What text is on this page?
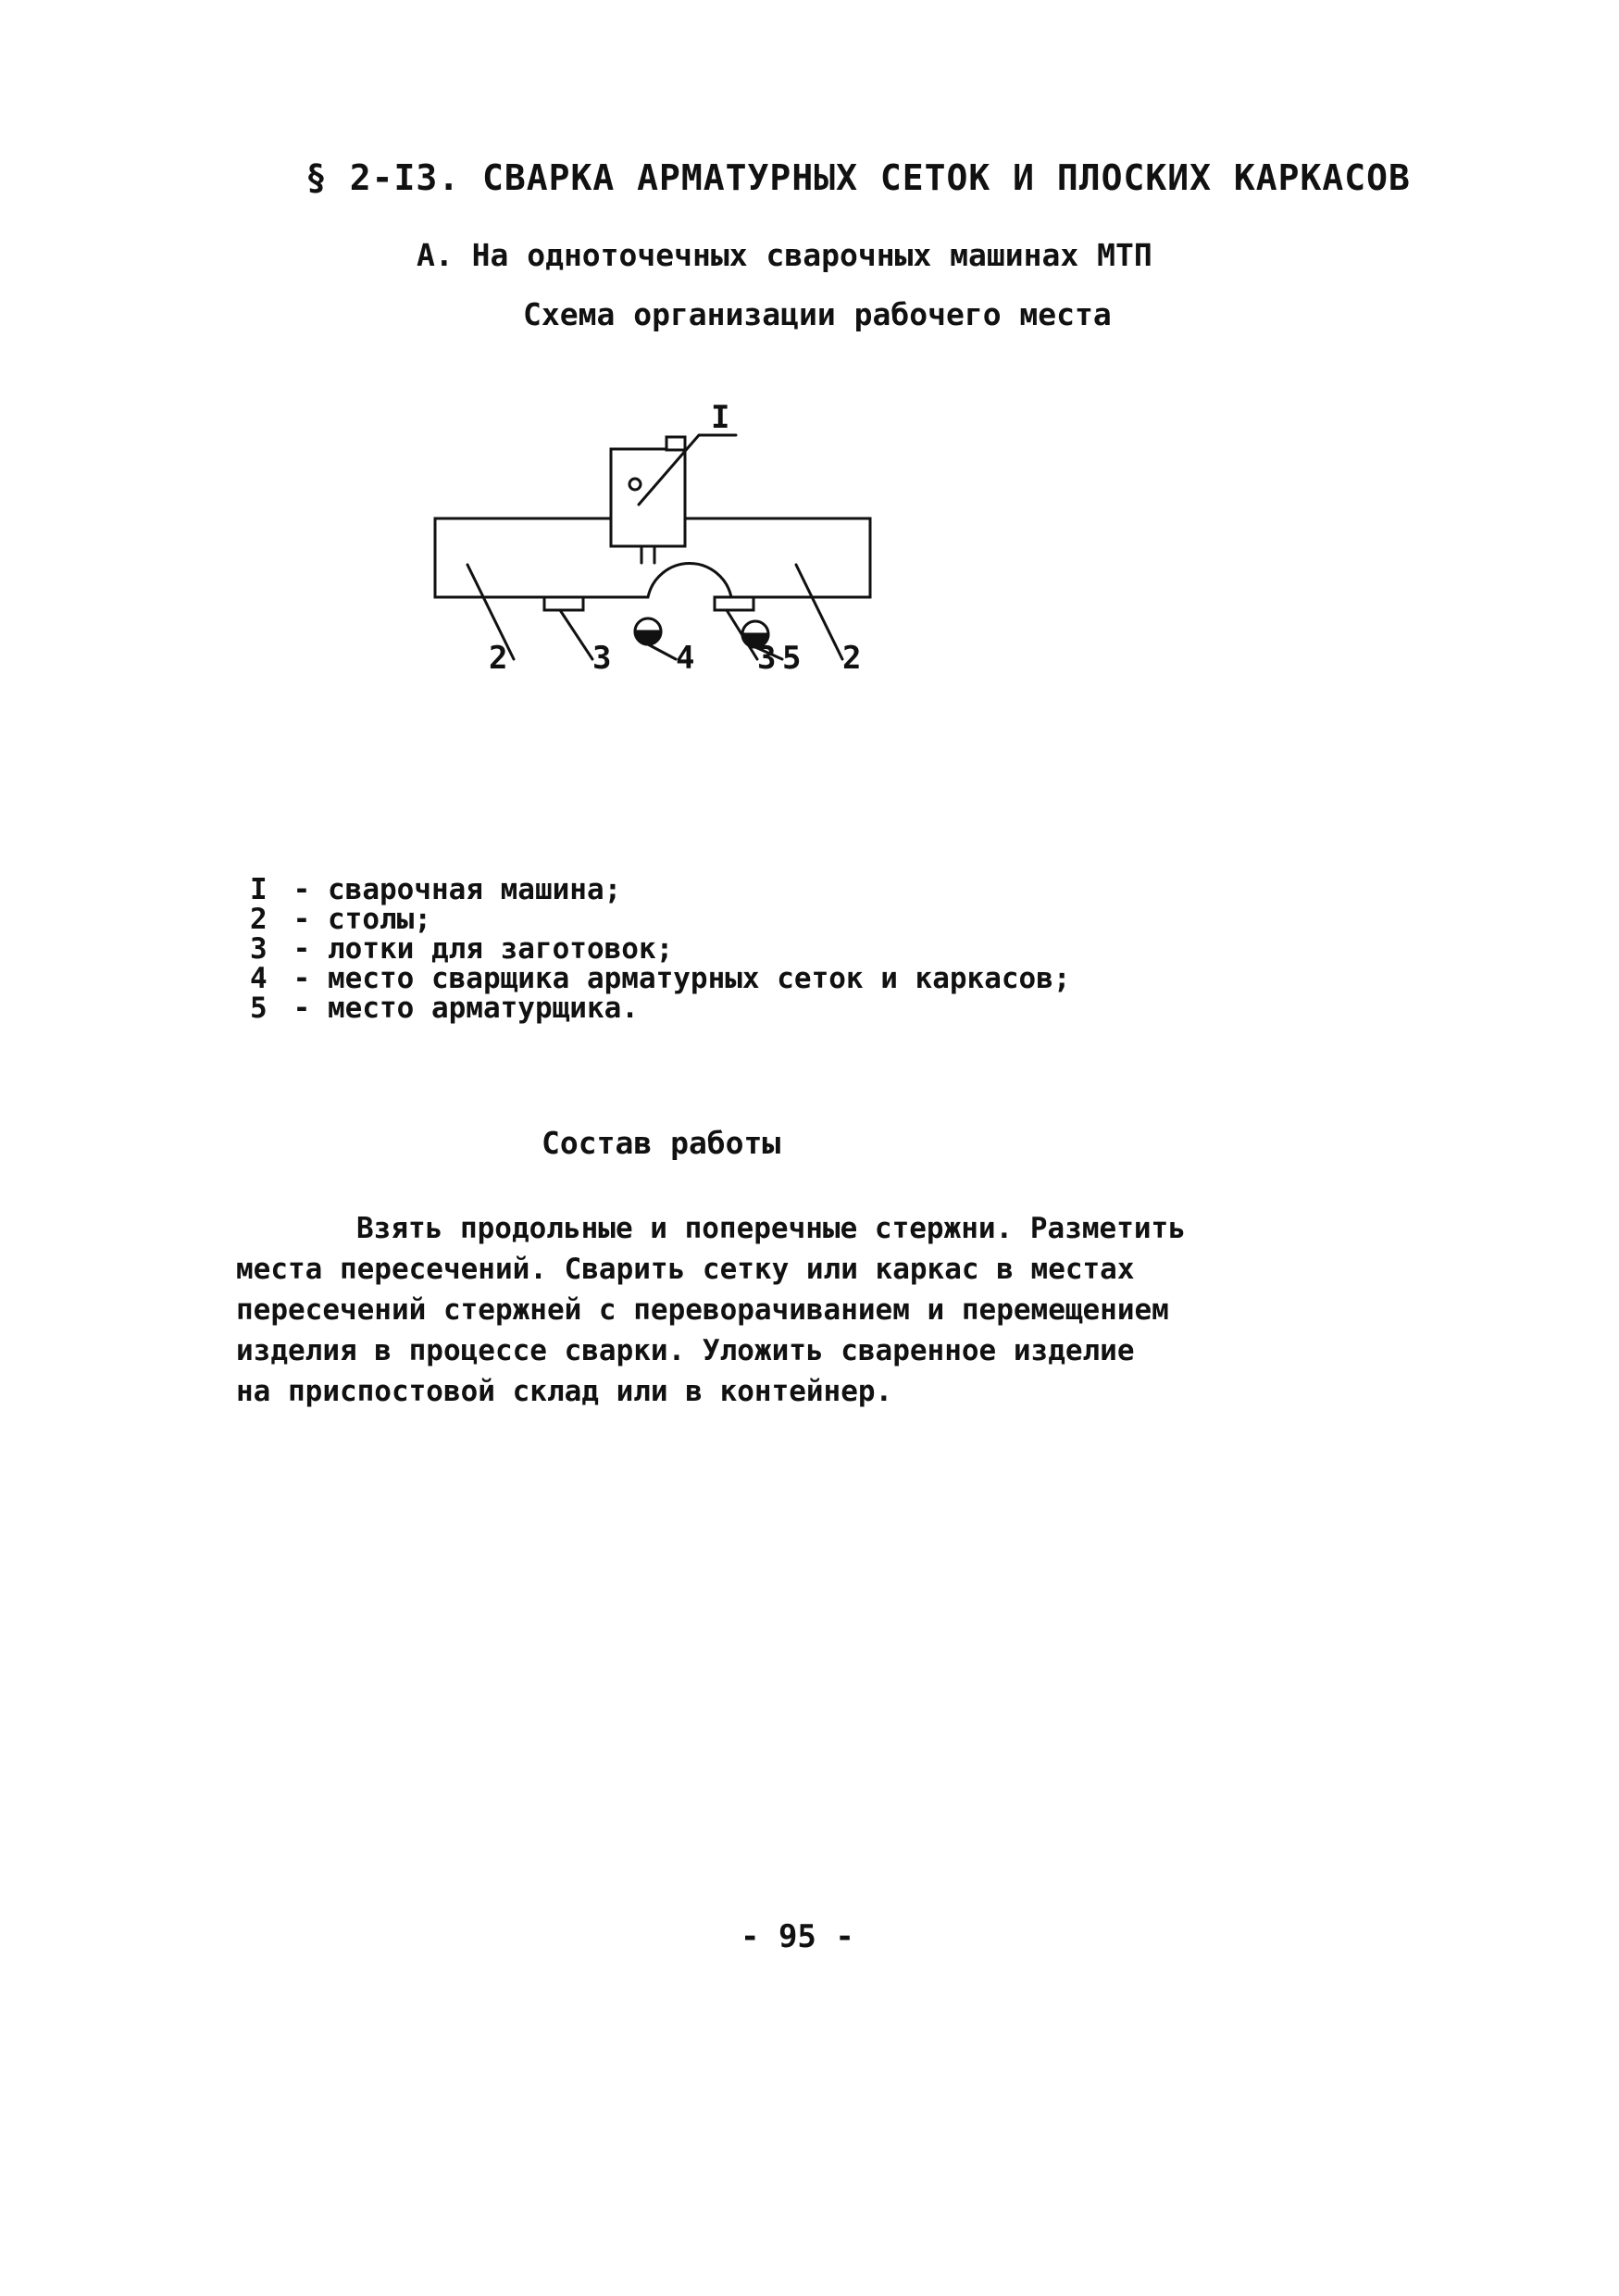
§ 2-I3. СВАРКА АРМАТУРНЫХ СЕТОК И ПЛОСКИХ КАРКАСОВ
А. На одноточечных сварочных машинах МТП
Схема организации рабочего места
I
2	3 4 3 5 2
I - сварочная машина;
2 - столы;
3 - лотки для заготовок;
4 - место сварщика арматурных сеток и каркасов;
5 - место арматурщика.
Состав работы

Взять продольные и поперечные стержни. Разметить
места пересечений. Сварить сетку или каркас в местах
пересечений стержней с переворачиванием и перемещением
изделия в процессе сварки. Уложить сваренное изделие
на приспостовой склад или в контейнер.

- 95 -
